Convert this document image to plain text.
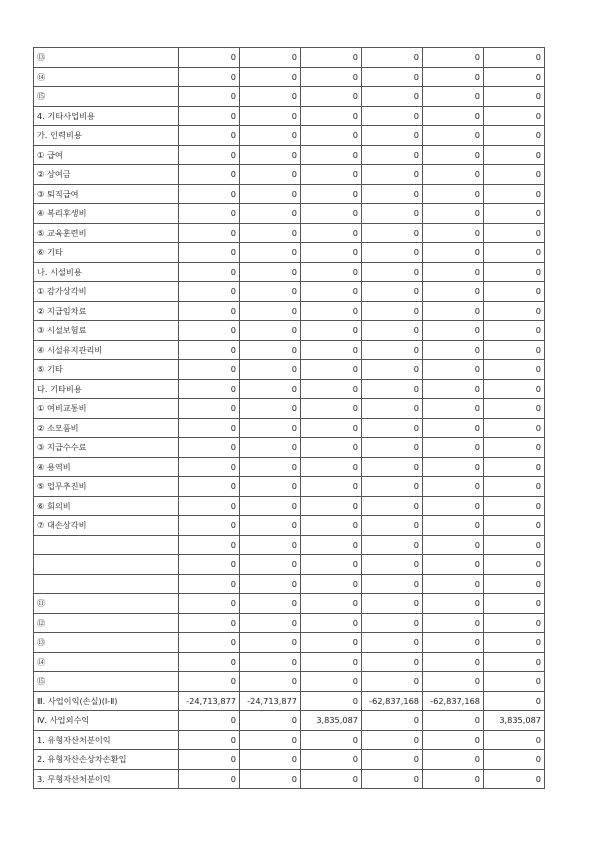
⑬	0	0	0	0	0	0
⑭	0	0	0	0	0	0
⑮	0	0	0	0	0	0
4. 기타사업비용	0	0	0	0	0	0
가. 인력비용	0	0	0	0	0	0
① 급여	0	0	0	0	0	0
② 상여금	0	0	0	0	0	0
③ 퇴직급여	0	0	0	0	0	0
④ 복리후생비	0	0	0	0	0	0
⑤ 교육훈련비	0	0	0	0	0	0
⑥ 기타	0	0	0	0	0	0
나. 시설비용	0	0	0	0	0	0
① 감가상각비	0	0	0	0	0	0
② 지급임차료	0	0	0	0	0	0
③ 시설보험료	0	0	0	0	0	0
④ 시설유지관리비	0	0	0	0	0	0
⑤ 기타	0	0	0	0	0	0
다. 기타비용	0	0	0	0	0	0
① 여비교통비	0	0	0	0	0	0
② 소모품비	0	0	0	0	0	0
③ 지급수수료	0	0	0	0	0	0
④ 용역비	0	0	0	0	0	0
⑤ 업무추진비	0	0	0	0	0	0
⑥ 회의비	0	0	0	0	0	0
⑦ 대손상각비	0	0	0	0	0	0
	0	0	0	0	0	0
	0	0	0	0	0	0
	0	0	0	0	0	0
⑪	0	0	0	0	0	0
⑫	0	0	0	0	0	0
⑬	0	0	0	0	0	0
⑭	0	0	0	0	0	0
⑮	0	0	0	0	0	0
Ⅲ. 사업이익(손실)(Ⅰ-Ⅱ)	-24,713,877	-24,713,877	0	-62,837,168	-62,837,168	0
Ⅳ. 사업외수익	0	0	3,835,087	0	0	3,835,087
1. 유형자산처분이익	0	0	0	0	0	0
2. 유형자산손상차손환입	0	0	0	0	0	0
3. 무형자산처분이익	0	0	0	0	0	0
